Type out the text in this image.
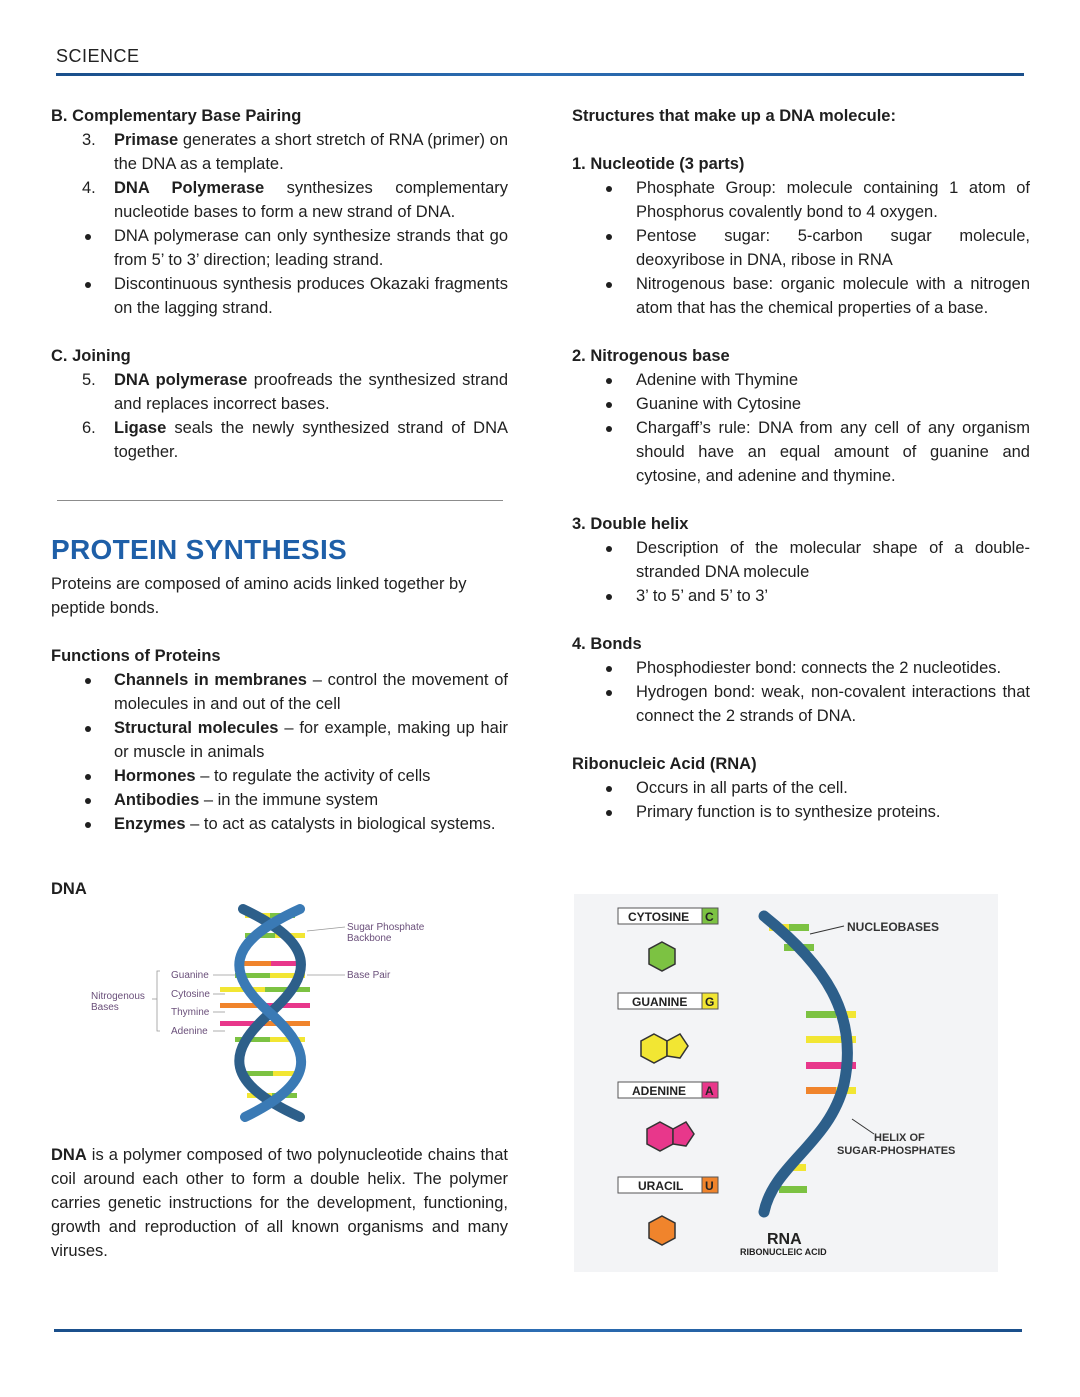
SCIENCE

B. Complementary Base Pairing

3. Primase generates a short stretch of RNA (primer) on the DNA as a template.
4. DNA Polymerase synthesizes complementary nucleotide bases to form a new strand of DNA.
DNA polymerase can only synthesize strands that go from 5’ to 3’ direction; leading strand.
Discontinuous synthesis produces Okazaki fragments on the lagging strand.

C. Joining

5. DNA polymerase proofreads the synthesized strand and replaces incorrect bases.
6. Ligase seals the newly synthesized strand of DNA together.
PROTEIN SYNTHESIS

Proteins are composed of amino acids linked together by peptide bonds.

Functions of Proteins

Channels in membranes – control the movement of molecules in and out of the cell
Structural molecules – for example, making up hair or muscle in animals
Hormones – to regulate the activity of cells
Antibodies – in the immune system
Enzymes – to act as catalysts in biological systems.
DNA
Sugar Phosphate
Backbone
Base Pair
Nitrogenous
Bases
Guanine
Cytosine
Thymine
Adenine
DNA is a polymer composed of two polynucleotide chains that coil around each other to form a double helix. The polymer carries genetic instructions for the development, functioning, growth and reproduction of all known organisms and many viruses.

Structures that make up a DNA molecule:

1. Nucleotide (3 parts)

Phosphate Group: molecule containing 1 atom of Phosphorus covalently bond to 4 oxygen.
Pentose sugar: 5-carbon sugar molecule, deoxyribose in DNA, ribose in RNA
Nitrogenous base: organic molecule with a nitrogen atom that has the chemical properties of a base.

2. Nitrogenous base

Adenine with Thymine
Guanine with Cytosine
Chargaff’s rule: DNA from any cell of any organism should have an equal amount of guanine and cytosine, and adenine and thymine.

3. Double helix

Description of the molecular shape of a double-stranded DNA molecule
3’ to 5’ and 5’ to 3’

4. Bonds

Phosphodiester bond: connects the 2 nucleotides.
Hydrogen bond: weak, non-covalent interactions that connect the 2 strands of DNA.

Ribonucleic Acid (RNA)

Occurs in all parts of the cell.
Primary function is to synthesize proteins.
CYTOSINE C
GUANINE G
ADENINE A
URACIL U
NUCLEOBASES
HELIX OF
SUGAR-PHOSPHATES
RNA
RIBONUCLEIC ACID
